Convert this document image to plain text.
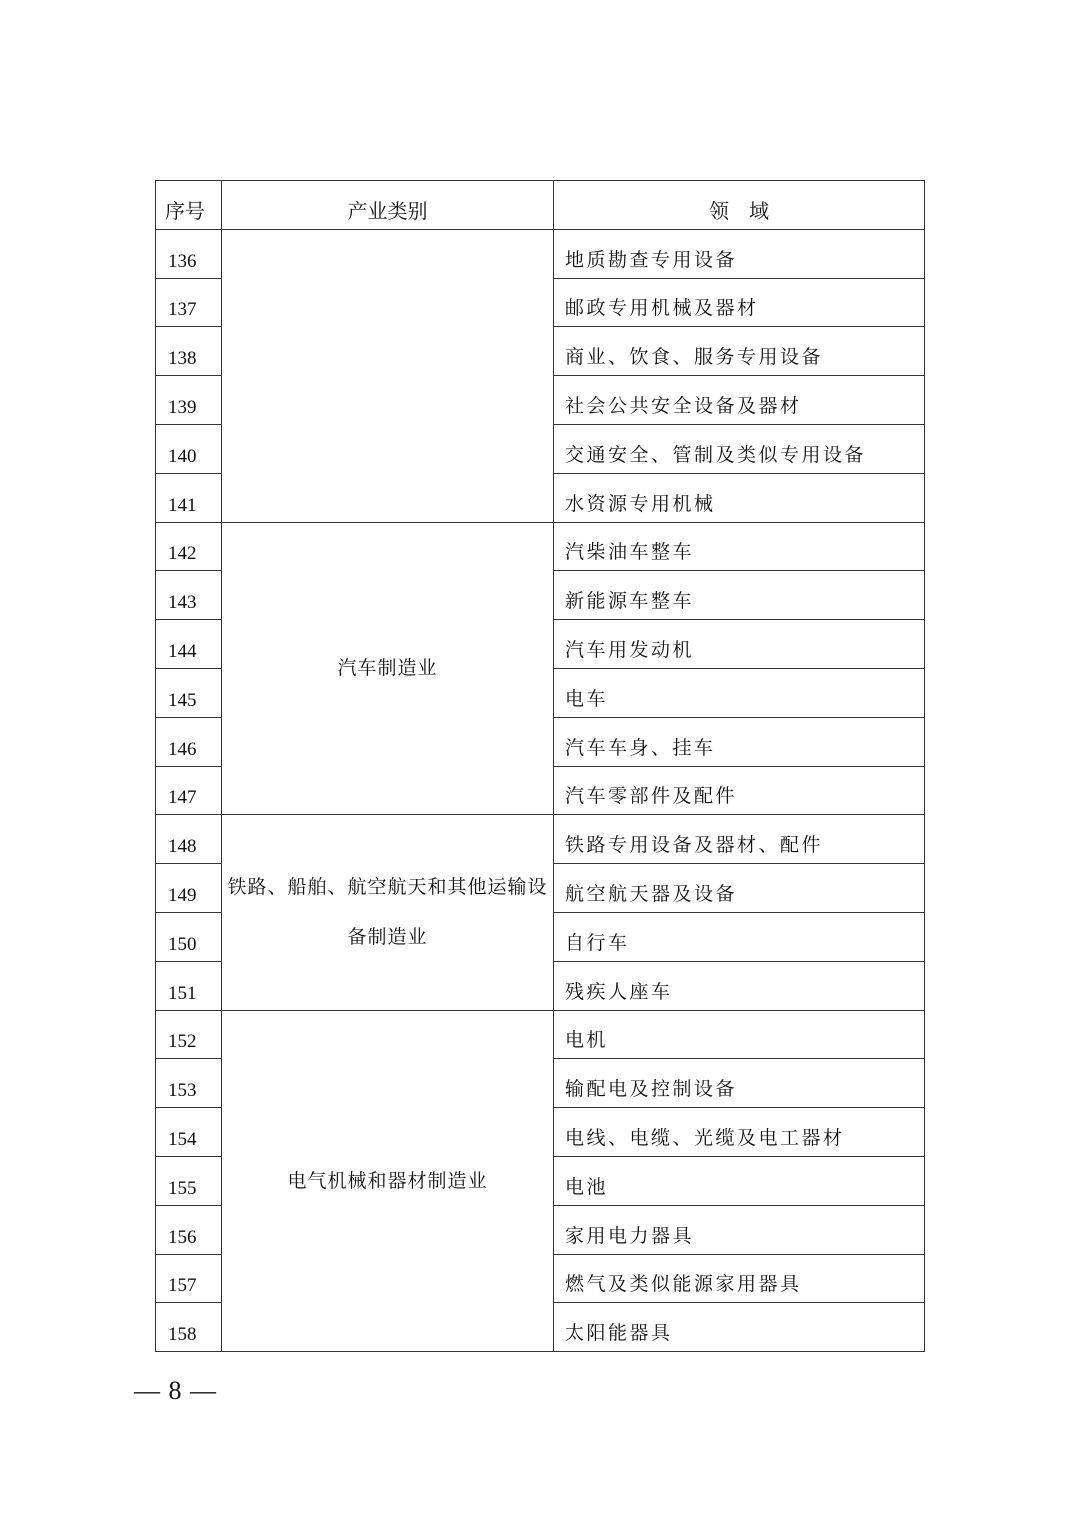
序号	产业类别	领　域
136		地质勘查专用设备
137		邮政专用机械及器材
138		商业、饮食、服务专用设备
139		社会公共安全设备及器材
140		交通安全、管制及类似专用设备
141		水资源专用机械
142	汽车制造业	汽柴油车整车
143		新能源车整车
144		汽车用发动机
145		电车
146		汽车车身、挂车
147		汽车零部件及配件
148	铁路、船舶、航空航天和其他运输设备制造业	铁路专用设备及器材、配件
149		航空航天器及设备
150		自行车
151		残疾人座车
152	电气机械和器材制造业	电机
153		输配电及控制设备
154		电线、电缆、光缆及电工器材
155		电池
156		家用电力器具
157		燃气及类似能源家用器具
158		太阳能器具
— 8 —
